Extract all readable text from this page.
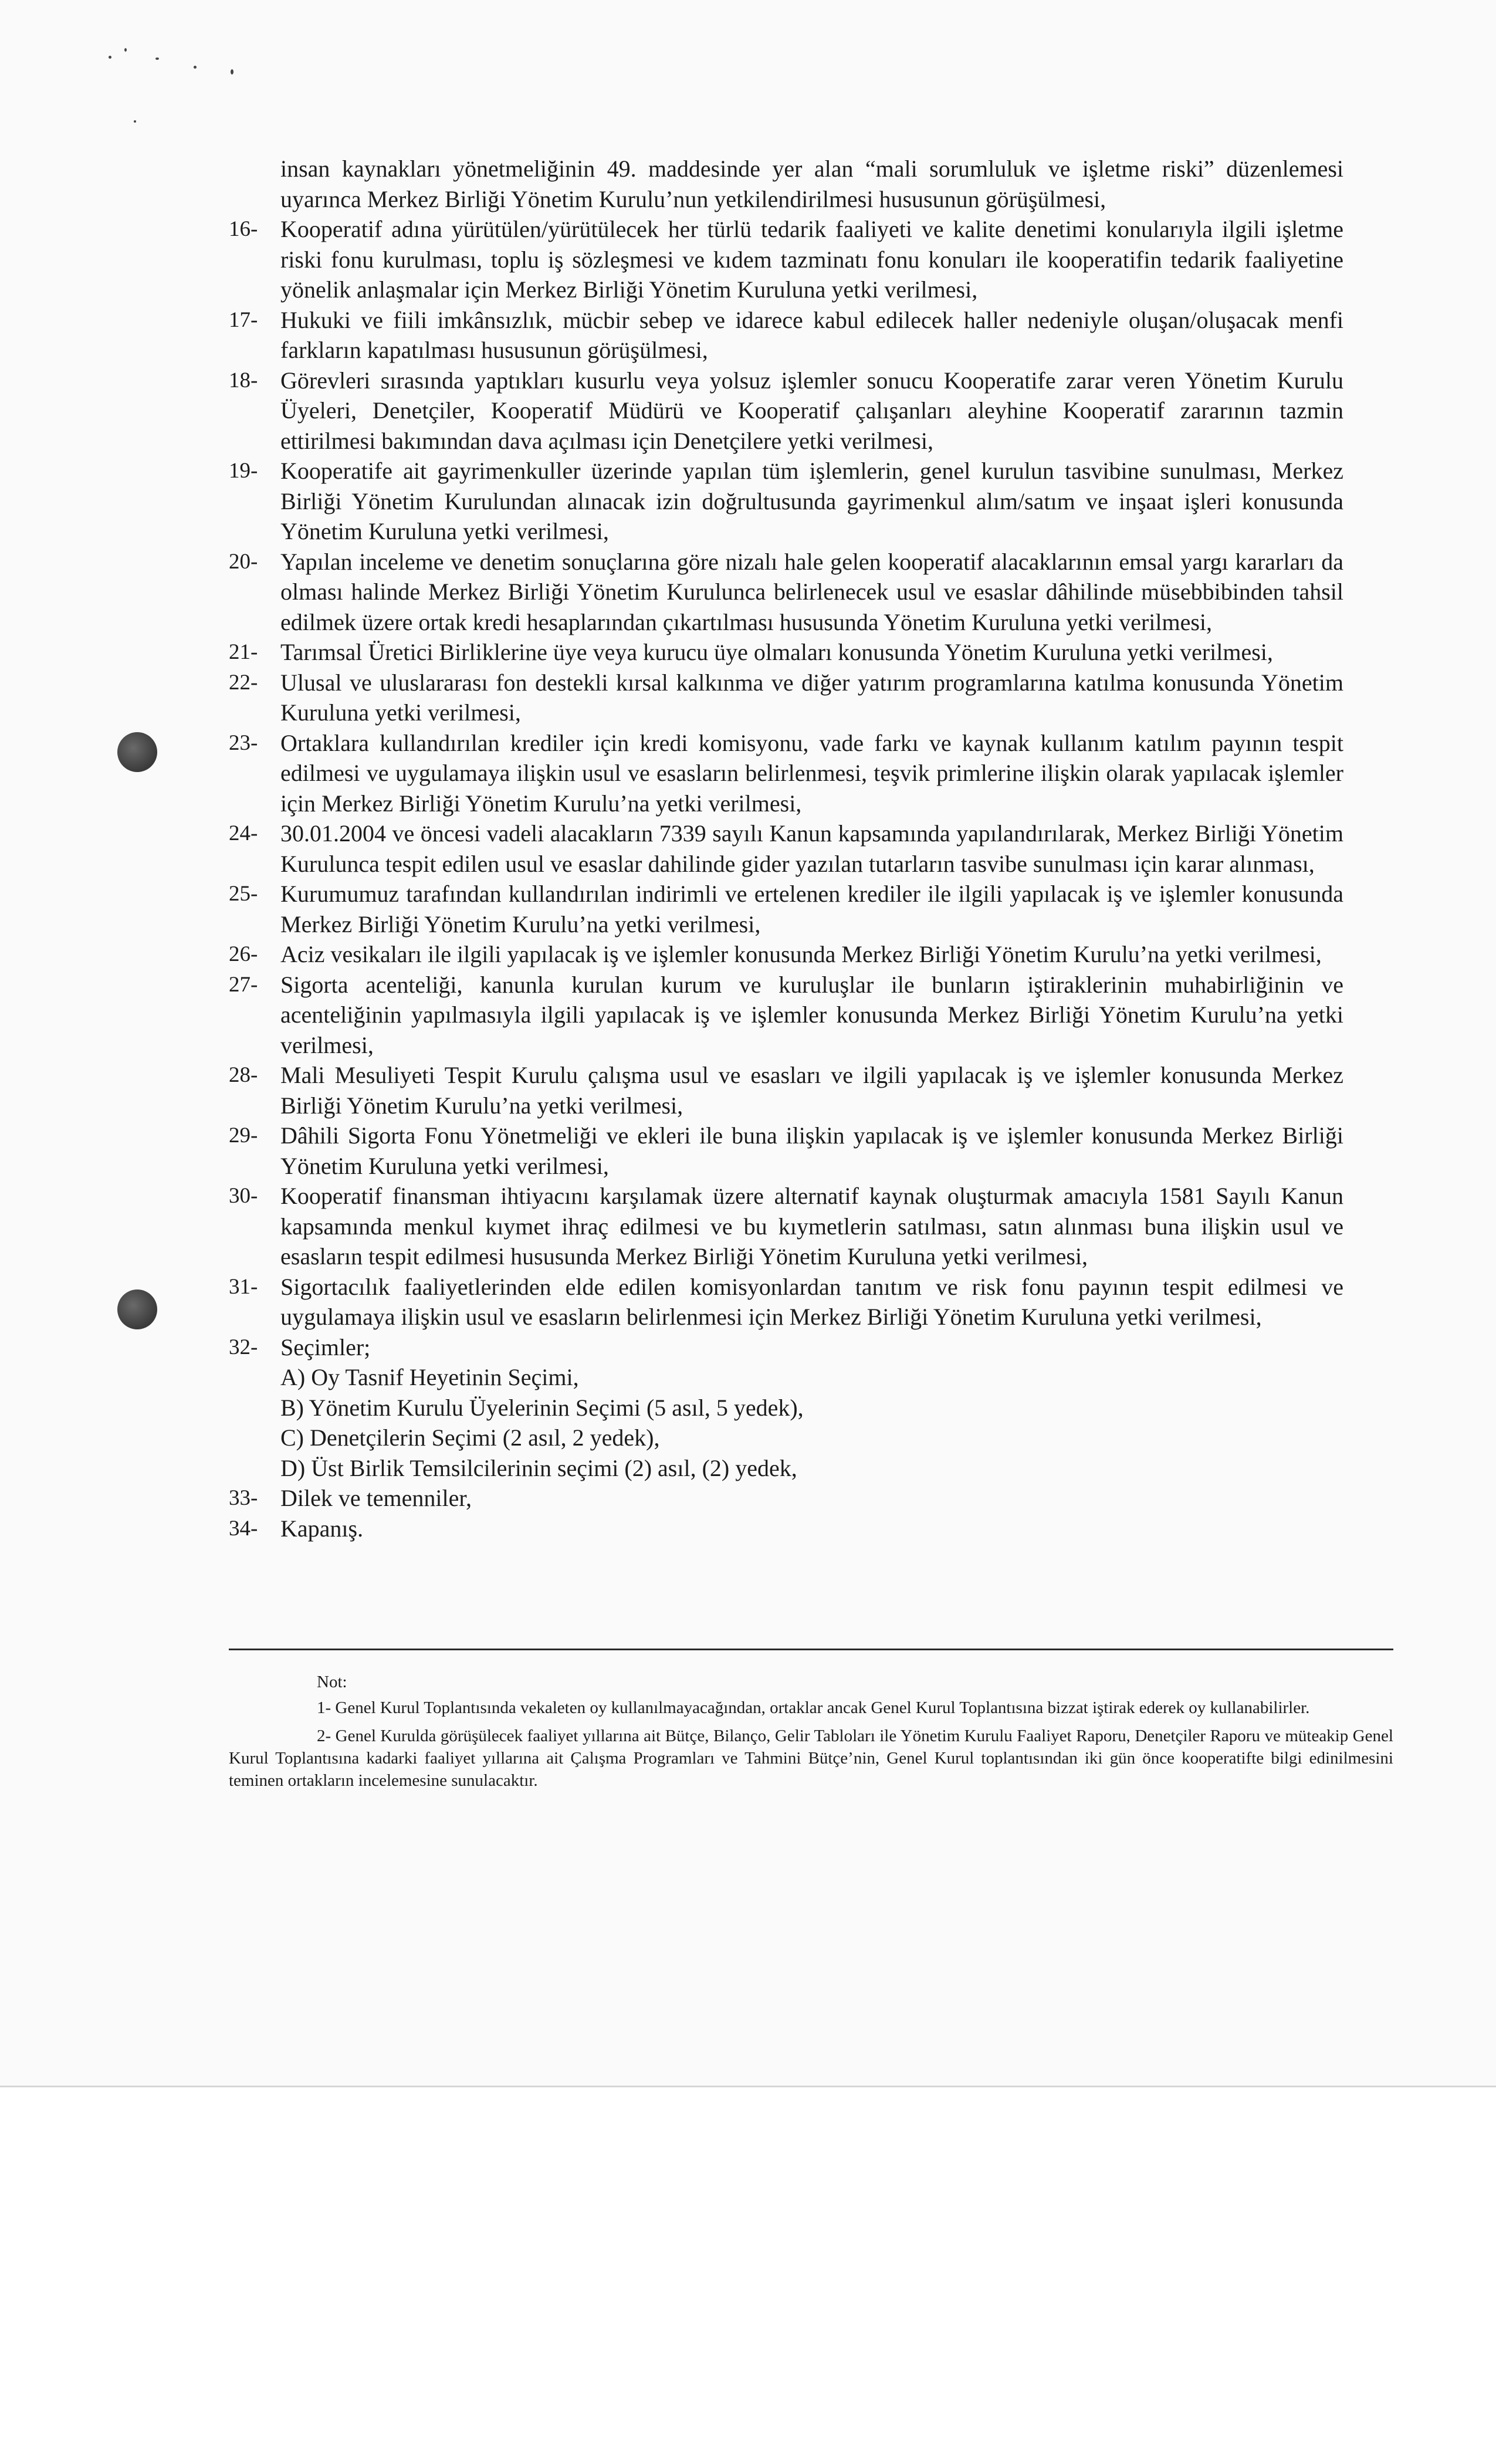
insan kaynakları yönetmeliğinin 49. maddesinde yer alan “mali sorumluluk ve işletme riski” düzenlemesi uyarınca Merkez Birliği Yönetim Kurulu’nun yetkilendirilmesi hususunun görüşülmesi,
16- Kooperatif adına yürütülen/yürütülecek her türlü tedarik faaliyeti ve kalite denetimi konularıyla ilgili işletme riski fonu kurulması, toplu iş sözleşmesi ve kıdem tazminatı fonu konuları ile kooperatifin tedarik faaliyetine yönelik anlaşmalar için Merkez Birliği Yönetim Kuruluna yetki verilmesi,
17- Hukuki ve fiili imkânsızlık, mücbir sebep ve idarece kabul edilecek haller nedeniyle oluşan/oluşacak menfi farkların kapatılması hususunun görüşülmesi,
18- Görevleri sırasında yaptıkları kusurlu veya yolsuz işlemler sonucu Kooperatife zarar veren Yönetim Kurulu Üyeleri, Denetçiler, Kooperatif Müdürü ve Kooperatif çalışanları aleyhine Kooperatif zararının tazmin ettirilmesi bakımından dava açılması için Denetçilere yetki verilmesi,
19- Kooperatife ait gayrimenkuller üzerinde yapılan tüm işlemlerin, genel kurulun tasvibine sunulması, Merkez Birliği Yönetim Kurulundan alınacak izin doğrultusunda gayrimenkul alım/satım ve inşaat işleri konusunda Yönetim Kuruluna yetki verilmesi,
20- Yapılan inceleme ve denetim sonuçlarına göre nizalı hale gelen kooperatif alacaklarının emsal yargı kararları da olması halinde Merkez Birliği Yönetim Kurulunca belirlenecek usul ve esaslar dâhilinde müsebbibinden tahsil edilmek üzere ortak kredi hesaplarından çıkartılması hususunda Yönetim Kuruluna yetki verilmesi,
21- Tarımsal Üretici Birliklerine üye veya kurucu üye olmaları konusunda Yönetim Kuruluna yetki verilmesi,
22- Ulusal ve uluslararası fon destekli kırsal kalkınma ve diğer yatırım programlarına katılma konusunda Yönetim Kuruluna yetki verilmesi,
23- Ortaklara kullandırılan krediler için kredi komisyonu, vade farkı ve kaynak kullanım katılım payının tespit edilmesi ve uygulamaya ilişkin usul ve esasların belirlenmesi, teşvik primlerine ilişkin olarak yapılacak işlemler için Merkez Birliği Yönetim Kurulu’na yetki verilmesi,
24- 30.01.2004 ve öncesi vadeli alacakların 7339 sayılı Kanun kapsamında yapılandırılarak, Merkez Birliği Yönetim Kurulunca tespit edilen usul ve esaslar dahilinde gider yazılan tutarların tasvibe sunulması için karar alınması,
25- Kurumumuz tarafından kullandırılan indirimli ve ertelenen krediler ile ilgili yapılacak iş ve işlemler konusunda Merkez Birliği Yönetim Kurulu’na yetki verilmesi,
26- Aciz vesikaları ile ilgili yapılacak iş ve işlemler konusunda Merkez Birliği Yönetim Kurulu’na yetki verilmesi,
27- Sigorta acenteliği, kanunla kurulan kurum ve kuruluşlar ile bunların iştiraklerinin muhabirliğinin ve acenteliğinin yapılmasıyla ilgili yapılacak iş ve işlemler konusunda Merkez Birliği Yönetim Kurulu’na yetki verilmesi,
28- Mali Mesuliyeti Tespit Kurulu çalışma usul ve esasları ve ilgili yapılacak iş ve işlemler konusunda Merkez Birliği Yönetim Kurulu’na yetki verilmesi,
29- Dâhili Sigorta Fonu Yönetmeliği ve ekleri ile buna ilişkin yapılacak iş ve işlemler konusunda Merkez Birliği Yönetim Kuruluna yetki verilmesi,
30- Kooperatif finansman ihtiyacını karşılamak üzere alternatif kaynak oluşturmak amacıyla 1581 Sayılı Kanun kapsamında menkul kıymet ihraç edilmesi ve bu kıymetlerin satılması, satın alınması buna ilişkin usul ve esasların tespit edilmesi hususunda Merkez Birliği Yönetim Kuruluna yetki verilmesi,
31- Sigortacılık faaliyetlerinden elde edilen komisyonlardan tanıtım ve risk fonu payının tespit edilmesi ve uygulamaya ilişkin usul ve esasların belirlenmesi için Merkez Birliği Yönetim Kuruluna yetki verilmesi,
32- Seçimler;
A) Oy Tasnif Heyetinin Seçimi,
B) Yönetim Kurulu Üyelerinin Seçimi (5 asıl, 5 yedek),
C) Denetçilerin Seçimi (2 asıl, 2 yedek),
D) Üst Birlik Temsilcilerinin seçimi (2) asıl, (2) yedek,
33- Dilek ve temenniler,
34- Kapanış.
Not:
1- Genel Kurul Toplantısında vekaleten oy kullanılmayacağından, ortaklar ancak Genel Kurul Toplantısına bizzat iştirak ederek oy kullanabilirler.
2- Genel Kurulda görüşülecek faaliyet yıllarına ait Bütçe, Bilanço, Gelir Tabloları ile Yönetim Kurulu Faaliyet Raporu, Denetçiler Raporu ve müteakip Genel Kurul Toplantısına kadarki faaliyet yıllarına ait Çalışma Programları ve Tahmini Bütçe’nin, Genel Kurul toplantısından iki gün önce kooperatifte bilgi edinilmesini teminen ortakların incelemesine sunulacaktır.
